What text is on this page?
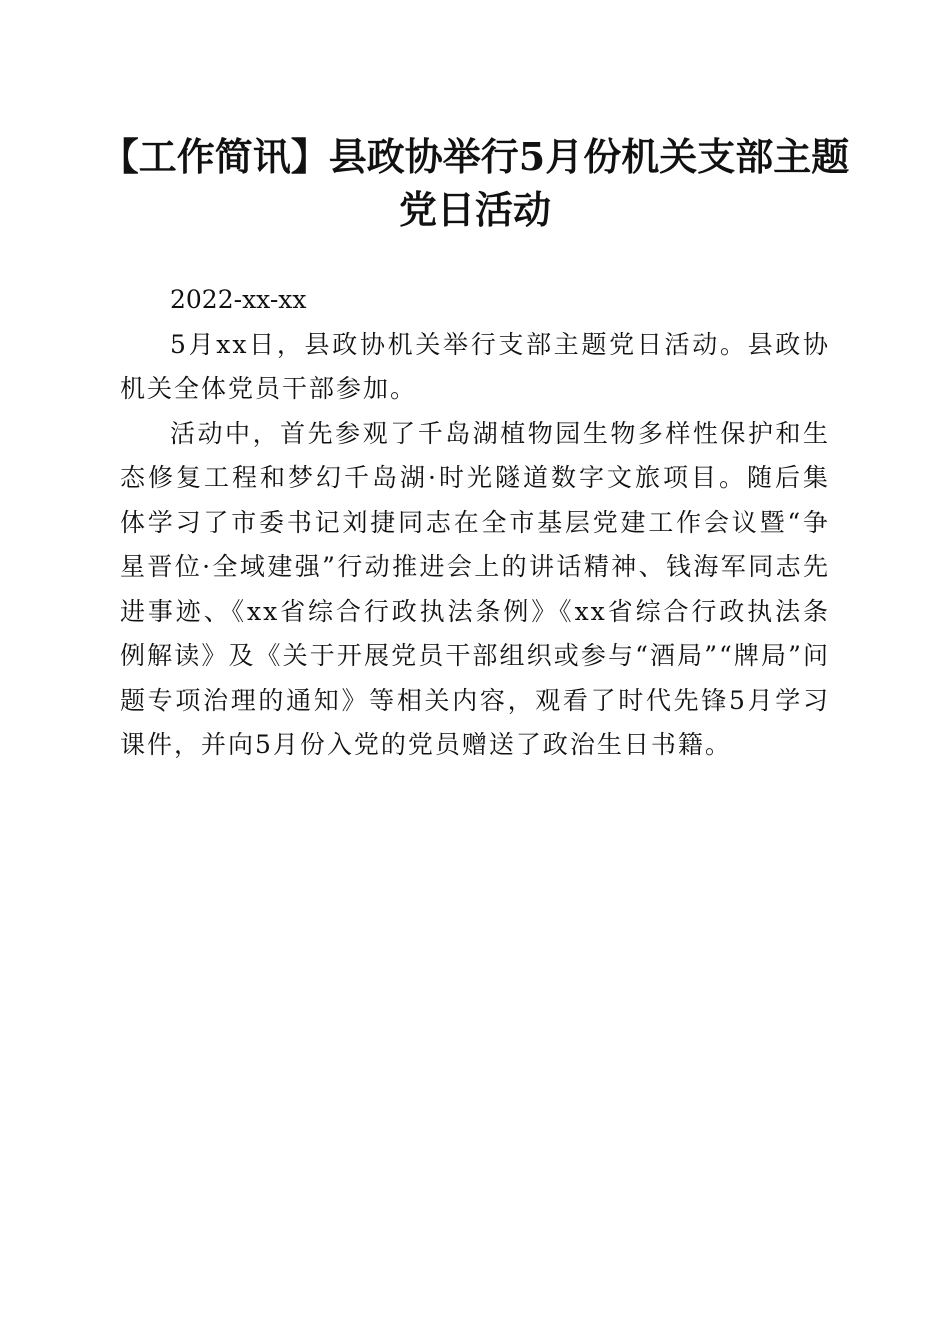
【工作简讯】县政协举行5月份机关支部主题
党日活动

2022-xx-xx

5月xx日，县政协机关举行支部主题党日活动。县政协机关全体党员干部参加。

活动中，首先参观了千岛湖植物园生物多样性保护和生态修复工程和梦幻千岛湖·时光隧道数字文旅项目。随后集体学习了市委书记刘捷同志在全市基层党建工作会议暨“争星晋位·全域建强”行动推进会上的讲话精神、钱海军同志先进事迹、《xx省综合行政执法条例》《xx省综合行政执法条例解读》及《关于开展党员干部组织或参与“酒局”“牌局”问题专项治理的通知》等相关内容，观看了时代先锋5月学习课件，并向5月份入党的党员赠送了政治生日书籍。
